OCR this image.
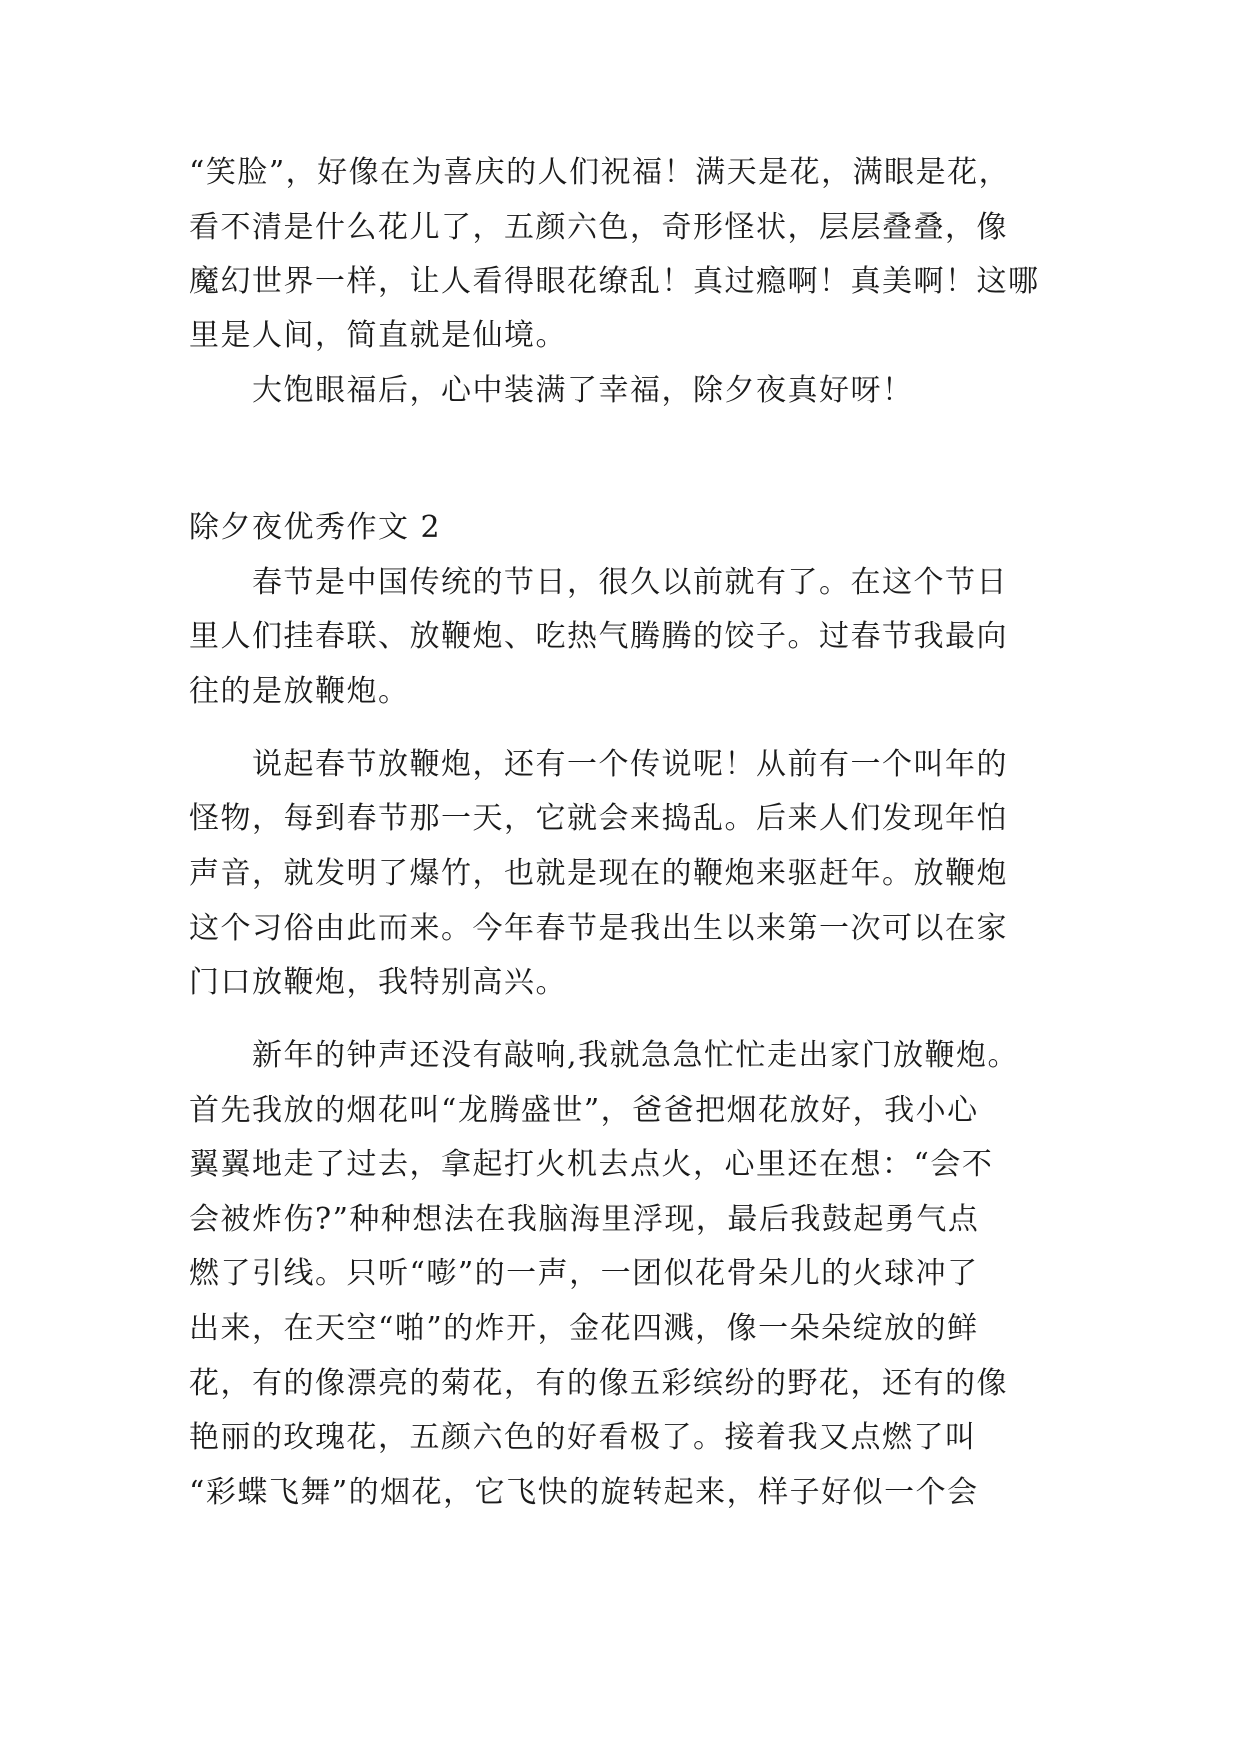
“笑脸”，好像在为喜庆的人们祝福！满天是花，满眼是花，
看不清是什么花儿了，五颜六色，奇形怪状，层层叠叠，像
魔幻世界一样，让人看得眼花缭乱！真过瘾啊！真美啊！这哪
里是人间，简直就是仙境。
大饱眼福后，心中装满了幸福，除夕夜真好呀！
除夕夜优秀作文 2
春节是中国传统的节日，很久以前就有了。在这个节日
里人们挂春联、放鞭炮、吃热气腾腾的饺子。过春节我最向
往的是放鞭炮。
说起春节放鞭炮，还有一个传说呢！从前有一个叫年的
怪物，每到春节那一天，它就会来捣乱。后来人们发现年怕
声音，就发明了爆竹，也就是现在的鞭炮来驱赶年。放鞭炮
这个习俗由此而来。今年春节是我出生以来第一次可以在家
门口放鞭炮，我特别高兴。
新年的钟声还没有敲响,我就急急忙忙走出家门放鞭炮。
首先我放的烟花叫“龙腾盛世”，爸爸把烟花放好，我小心
翼翼地走了过去，拿起打火机去点火，心里还在想：“会不
会被炸伤?”种种想法在我脑海里浮现，最后我鼓起勇气点
燃了引线。只听“嘭”的一声，一团似花骨朵儿的火球冲了
出来，在天空“啪”的炸开，金花四溅，像一朵朵绽放的鲜
花，有的像漂亮的菊花，有的像五彩缤纷的野花，还有的像
艳丽的玫瑰花，五颜六色的好看极了。接着我又点燃了叫
“彩蝶飞舞”的烟花，它飞快的旋转起来，样子好似一个会
